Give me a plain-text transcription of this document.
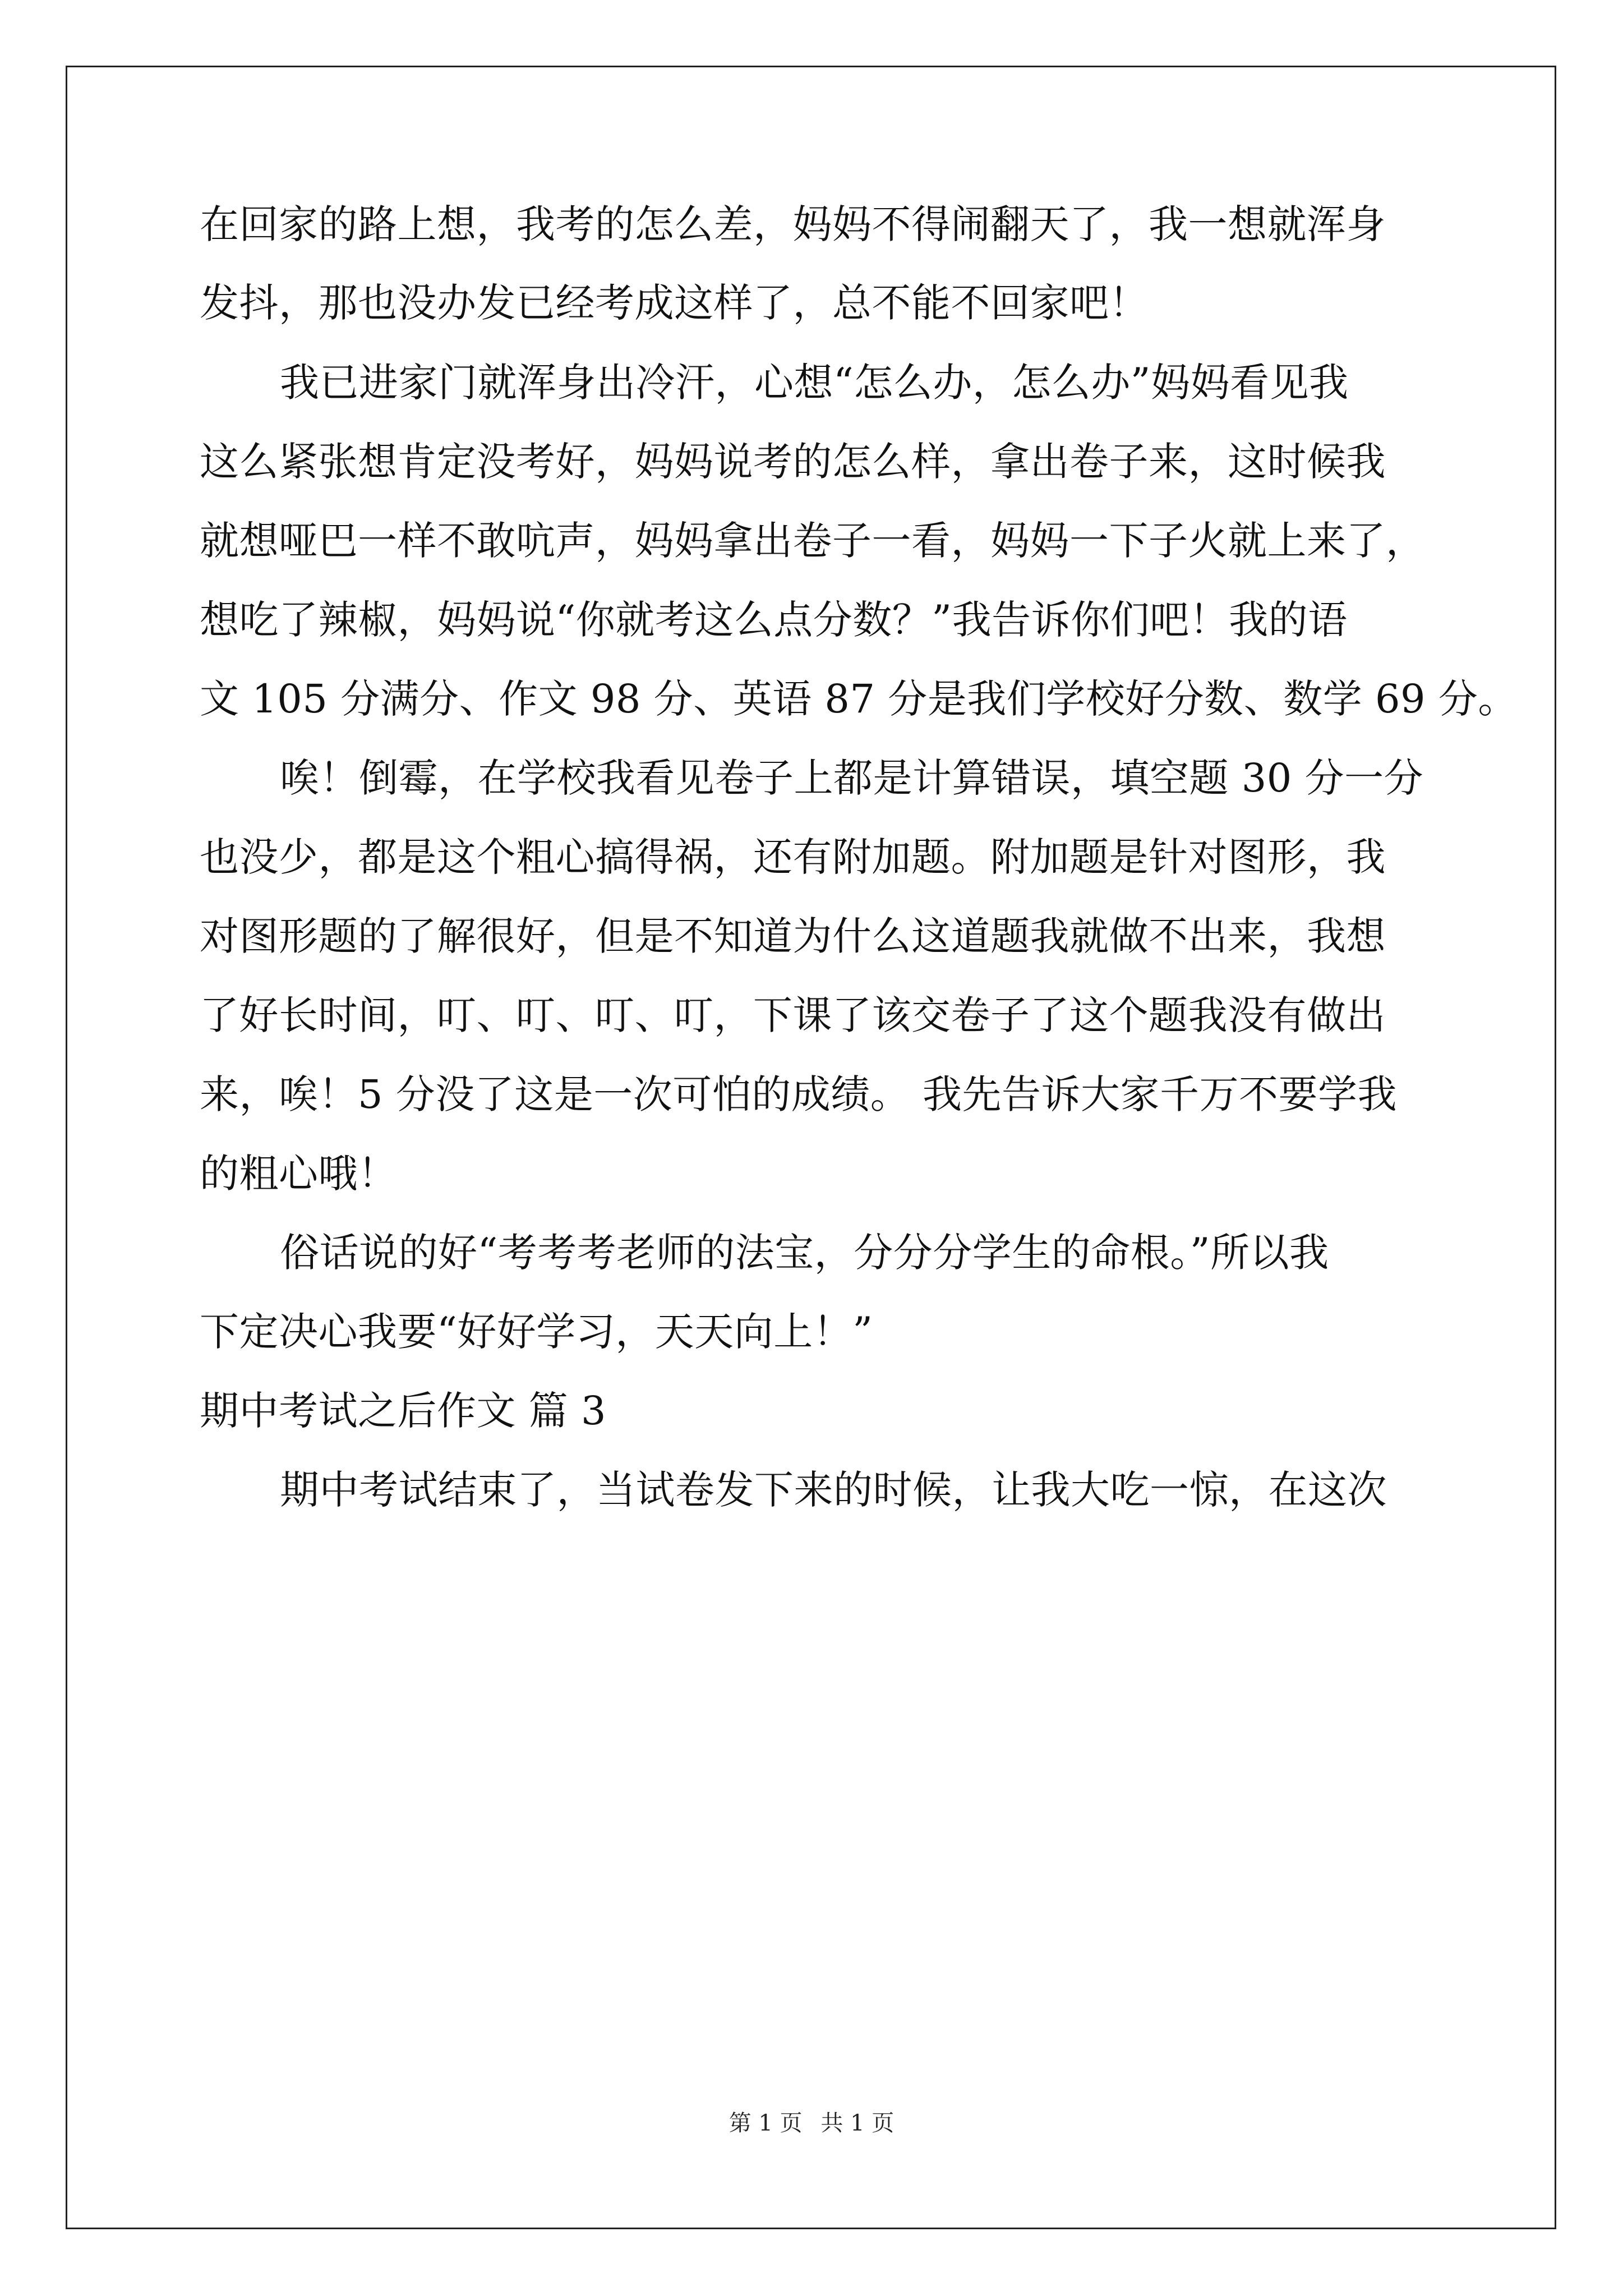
在回家的路上想，我考的怎么差，妈妈不得闹翻天了，我一想就浑身
发抖，那也没办发已经考成这样了，总不能不回家吧！
我已进家门就浑身出冷汗，心想“怎么办，怎么办”妈妈看见我
这么紧张想肯定没考好，妈妈说考的怎么样，拿出卷子来，这时候我
就想哑巴一样不敢吭声，妈妈拿出卷子一看，妈妈一下子火就上来了，
想吃了辣椒，妈妈说“你就考这么点分数？”我告诉你们吧！我的语
文 105 分满分、作文 98 分、英语 87 分是我们学校好分数、数学 69 分。
唉！倒霉，在学校我看见卷子上都是计算错误，填空题 30 分一分
也没少，都是这个粗心搞得祸，还有附加题。附加题是针对图形，我
对图形题的了解很好，但是不知道为什么这道题我就做不出来，我想
了好长时间，叮、叮、叮、叮，下课了该交卷子了这个题我没有做出
来，唉！5 分没了这是一次可怕的成绩。 我先告诉大家千万不要学我
的粗心哦！
俗话说的好“考考考老师的法宝，分分分学生的命根。”所以我
下定决心我要“好好学习，天天向上！”
期中考试之后作文 篇 3
期中考试结束了，当试卷发下来的时候，让我大吃一惊，在这次
第 1 页 共 1 页
